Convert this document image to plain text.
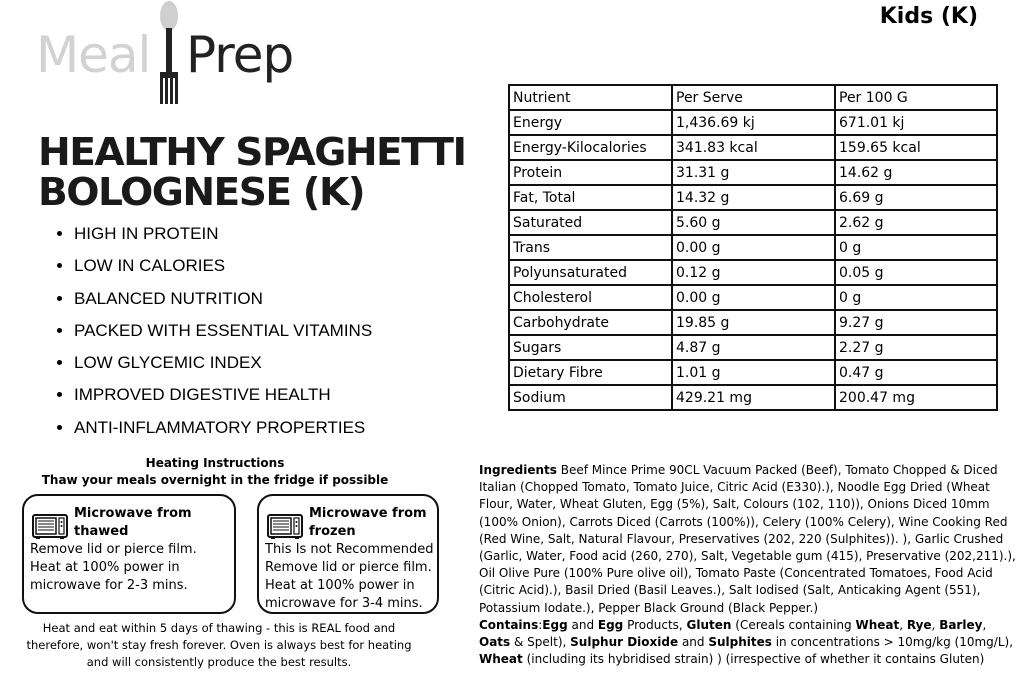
Kids (K)
Meal Prep
HEALTHY SPAGHETTI
BOLOGNESE (K)
• HIGH IN PROTEIN
• LOW IN CALORIES
• BALANCED NUTRITION
• PACKED WITH ESSENTIAL VITAMINS
• LOW GLYCEMIC INDEX
• IMPROVED DIGESTIVE HEALTH
• ANTI-INFLAMMATORY PROPERTIES
Nutrient	Per Serve	Per 100 G
Energy	1,436.69 kj	671.01 kj
Energy-Kilocalories	341.83 kcal	159.65 kcal
Protein	31.31 g	14.62 g
Fat, Total	14.32 g	6.69 g
Saturated	5.60 g	2.62 g
Trans	0.00 g	0 g
Polyunsaturated	0.12 g	0.05 g
Cholesterol	0.00 g	0 g
Carbohydrate	19.85 g	9.27 g
Sugars	4.87 g	2.27 g
Dietary Fibre	1.01 g	0.47 g
Sodium	429.21 mg	200.47 mg
Heating Instructions
Thaw your meals overnight in the fridge if possible
Microwave from
thawed
Remove lid or pierce film.
Heat at 100% power in
microwave for 2-3 mins.
Microwave from
frozen
This Is not Recommended
Remove lid or pierce film.
Heat at 100% power in
microwave for 3-4 mins.
Heat and eat within 5 days of thawing - this is REAL food and therefore, won't stay fresh forever. Oven is always best for heating and will consistently produce the best results.
Ingredients Beef Mince Prime 90CL Vacuum Packed (Beef), Tomato Chopped & Diced Italian (Chopped Tomato, Tomato Juice, Citric Acid (E330).), Noodle Egg Dried (Wheat Flour, Water, Wheat Gluten, Egg (5%), Salt, Colours (102, 110)), Onions Diced 10mm (100% Onion), Carrots Diced (Carrots (100%)), Celery (100% Celery), Wine Cooking Red (Red Wine, Salt, Natural Flavour, Preservatives (202, 220 (Sulphites)). ), Garlic Crushed (Garlic, Water, Food acid (260, 270), Salt, Vegetable gum (415), Preservative (202,211).), Oil Olive Pure (100% Pure olive oil), Tomato Paste (Concentrated Tomatoes, Food Acid (Citric Acid).), Basil Dried (Basil Leaves.), Salt Iodised (Salt, Anticaking Agent (551), Potassium Iodate.), Pepper Black Ground (Black Pepper.)
Contains:Egg and Egg Products, Gluten (Cereals containing Wheat, Rye, Barley, Oats & Spelt), Sulphur Dioxide and Sulphites in concentrations > 10mg/kg (10mg/L), Wheat (including its hybridised strain) ) (irrespective of whether it contains Gluten)
